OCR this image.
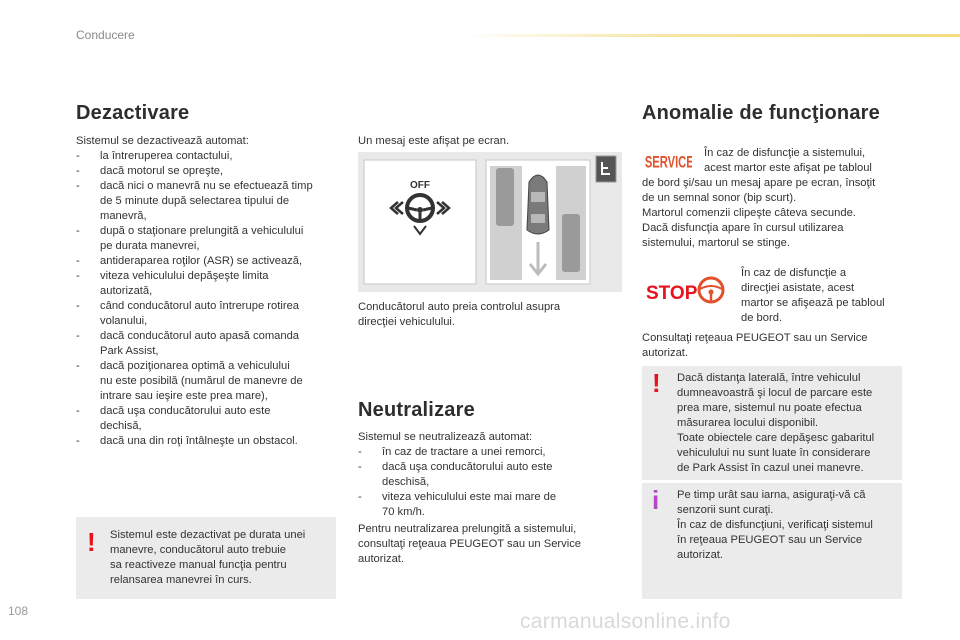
Conducere
Dezactivare
Sistemul se dezactivează automat:
- la întreruperea contactului,
- dacă motorul se opreşte,
- dacă nici o manevră nu se efectuează timp
de 5 minute după selectarea tipului de
manevră,
- după o staţionare prelungită a vehiculului
pe durata manevrei,
- antideraparea roţilor (ASR) se activează,
- viteza vehiculului depăşeşte limita
autorizată,
- când conducătorul auto întrerupe rotirea
volanului,
- dacă conducătorul auto apasă comanda
Park Assist,
- dacă poziţionarea optimă a vehiculului
nu este posibilă (numărul de manevre de
intrare sau ieşire este prea mare),
- dacă uşa conducătorului auto este
dechisă,
- dacă una din roţi întâlneşte un obstacol.
! Sistemul este dezactivat pe durata unei
manevre, conducătorul auto trebuie
sa reactiveze manual funcţia pentru
relansarea manevrei în curs.
Un mesaj este afişat pe ecran.
OFF
Conducătorul auto preia controlul asupra
direcţiei vehiculului.
Neutralizare
Sistemul se neutralizează automat:
- în caz de tractare a unei remorci,
- dacă uşa conducătorului auto este
deschisă,
- viteza vehiculului este mai mare de
70 km/h.
Pentru neutralizarea prelungită a sistemului,
consultaţi reţeaua PEUGEOT sau un Service
autorizat.
Anomalie de funcţionare
SERVICE În caz de disfuncţie a sistemului,
acest martor este afişat pe tabloul
de bord şi/sau un mesaj apare pe ecran, însoţit
de un semnal sonor (bip scurt).
Martorul comenzii clipeşte câteva secunde.
Dacă disfuncţia apare în cursul utilizarea
sistemului, martorul se stinge.
STOP
În caz de disfuncţie a
direcţiei asistate, acest
martor se afişează pe tabloul
de bord.
Consultaţi reţeaua PEUGEOT sau un Service
autorizat.
! Dacă distanţa laterală, între vehiculul
dumneavoastră şi locul de parcare este
prea mare, sistemul nu poate efectua
măsurarea locului disponibil.
Toate obiectele care depăşesc gabaritul
vehiculului nu sunt luate în considerare
de Park Assist în cazul unei manevre.
i Pe timp urât sau iarna, asiguraţi-vă că
senzorii sunt curaţi.
În caz de disfuncţiuni, verificaţi sistemul
în reţeaua PEUGEOT sau un Service
autorizat.
108	carmanualsonline.info
